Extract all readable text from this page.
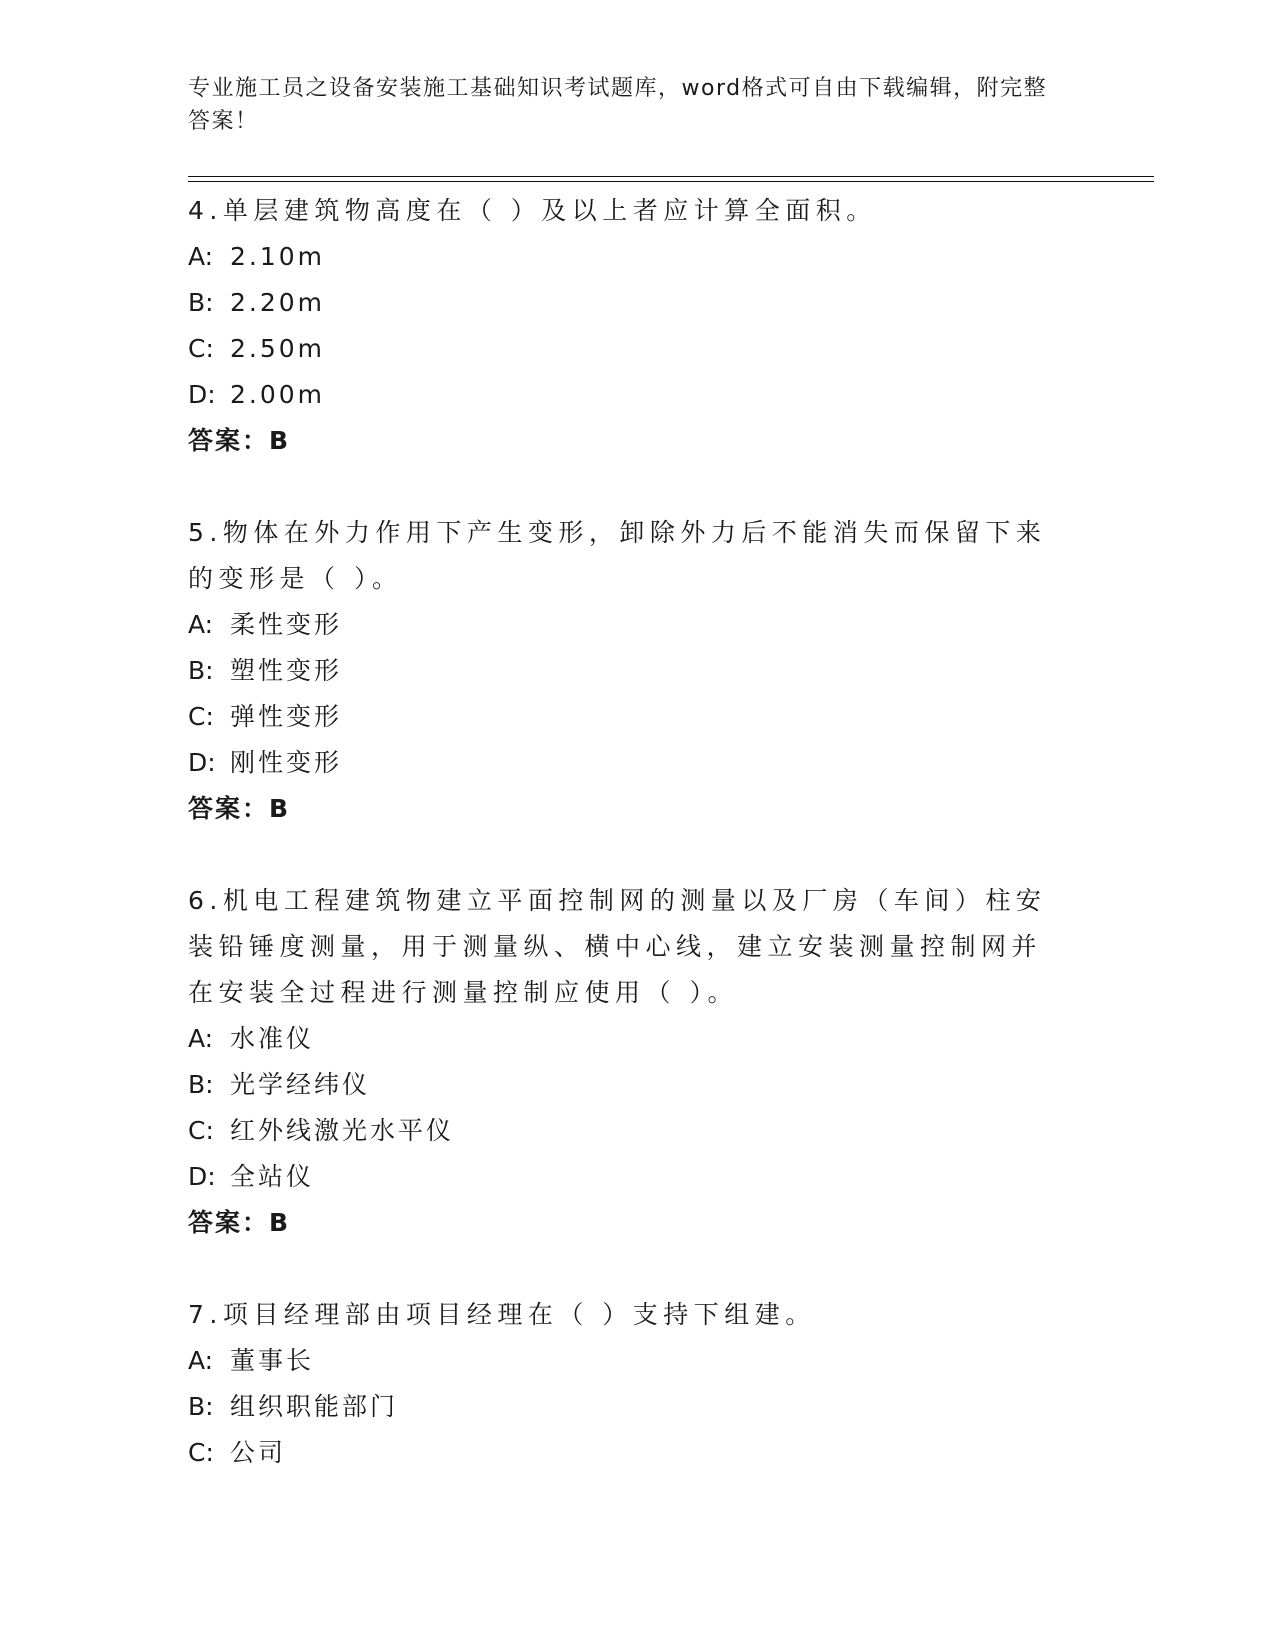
专业施工员之设备安装施工基础知识考试题库，word格式可自由下载编辑，附完整答案！
4.单层建筑物高度在（ ）及以上者应计算全面积。
A: 2.10m
B: 2.20m
C: 2.50m
D: 2.00m
答案：B
5.物体在外力作用下产生变形，卸除外力后不能消失而保留下来的变形是（ ）。
A: 柔性变形
B: 塑性变形
C: 弹性变形
D: 刚性变形
答案：B
6.机电工程建筑物建立平面控制网的测量以及厂房（车间）柱安装铅锤度测量，用于测量纵、横中心线，建立安装测量控制网并在安装全过程进行测量控制应使用（ ）。
A: 水准仪
B: 光学经纬仪
C: 红外线激光水平仪
D: 全站仪
答案：B
7.项目经理部由项目经理在（ ）支持下组建。
A: 董事长
B: 组织职能部门
C: 公司
